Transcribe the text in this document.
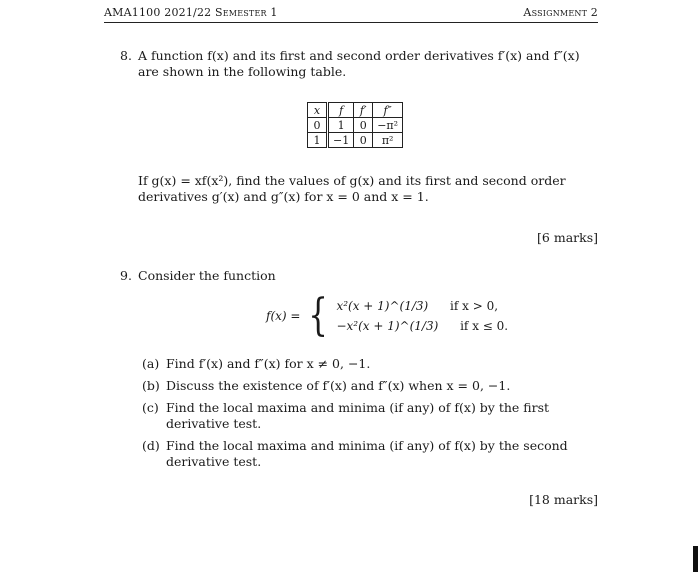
AMA1100 2021/22 Semester 1	Assignment 2
8. A function f(x) and its first and second order derivatives f′(x) and f″(x) are shown in the following table.
x	f	f′	f″
0	1	0	−π²
1	−1	0	π²
If g(x) = xf(x²), find the values of g(x) and its first and second order derivatives g′(x) and g″(x) for x = 0 and x = 1.
[6 marks]
9. Consider the function
f(x) = { x²(x + 1)^(1/3) if x > 0,
−x²(x + 1)^(1/3) if x ≤ 0.
(a) Find f′(x) and f″(x) for x ≠ 0, −1.
(b) Discuss the existence of f′(x) and f″(x) when x = 0, −1.
(c) Find the local maxima and minima (if any) of f(x) by the first derivative test.
(d) Find the local maxima and minima (if any) of f(x) by the second derivative test.
[18 marks]
